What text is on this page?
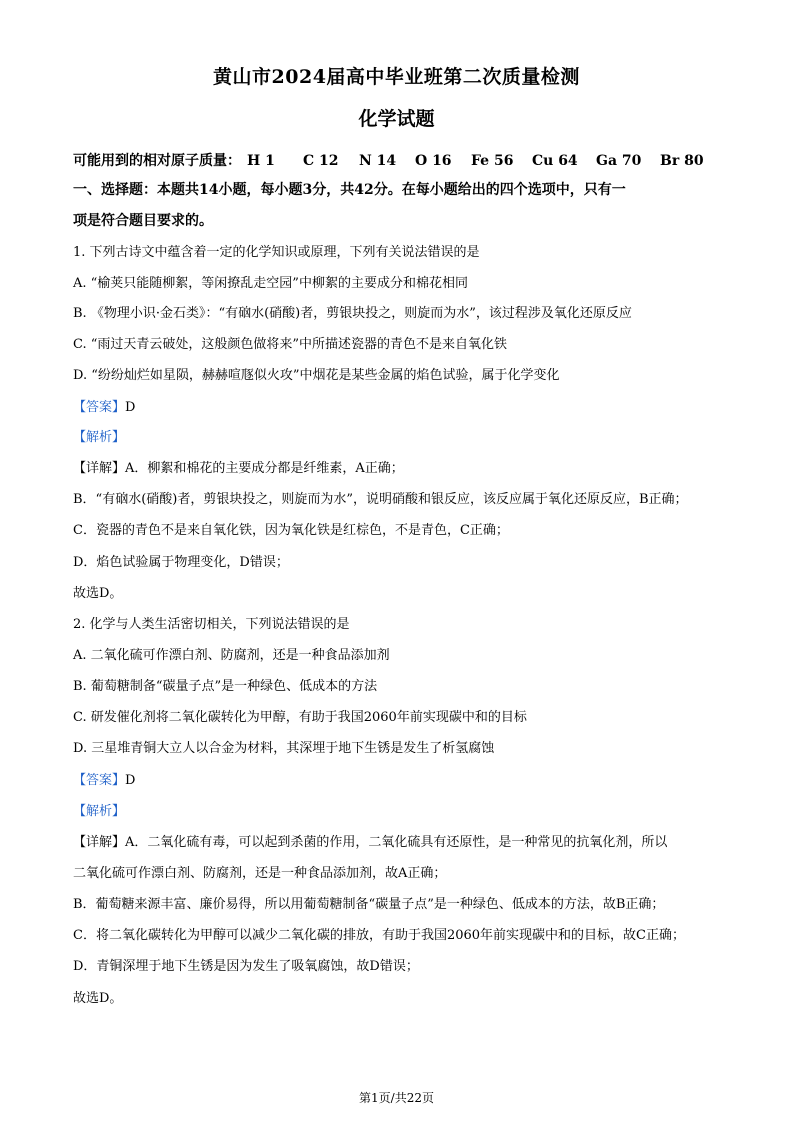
黄山市2024届高中毕业班第二次质量检测
化学试题
可能用到的相对原子质量： H 1 C 12 N 14 O 16 Fe 56 Cu 64 Ga 70 Br 80
一、选择题：本题共14小题，每小题3分，共42分。在每小题给出的四个选项中，只有一
项是符合题目要求的。
1. 下列古诗文中蕴含着一定的化学知识或原理，下列有关说法错误的是
A. “榆荚只能随柳絮，等闲撩乱走空园”中柳絮的主要成分和棉花相同
B. 《物理小识·金石类》：“有硇水(硝酸)者，剪银块投之，则旋而为水”，该过程涉及氧化还原反应
C. “雨过天青云破处，这般颜色做将来”中所描述瓷器的青色不是来自氧化铁
D. “纷纷灿烂如星陨，赫赫喧豗似火攻”中烟花是某些金属的焰色试验，属于化学变化
【答案】D
【解析】
【详解】A．柳絮和棉花的主要成分都是纤维素，A正确；
B．“有硇水(硝酸)者，剪银块投之，则旋而为水”，说明硝酸和银反应，该反应属于氧化还原反应，B正确；
C．瓷器的青色不是来自氧化铁，因为氧化铁是红棕色，不是青色，C正确；
D．焰色试验属于物理变化，D错误；
故选D。
2. 化学与人类生活密切相关，下列说法错误的是
A. 二氧化硫可作漂白剂、防腐剂，还是一种食品添加剂
B. 葡萄糖制备“碳量子点”是一种绿色、低成本的方法
C. 研发催化剂将二氧化碳转化为甲醇，有助于我国2060年前实现碳中和的目标
D. 三星堆青铜大立人以合金为材料，其深埋于地下生锈是发生了析氢腐蚀
【答案】D
【解析】
【详解】A．二氧化硫有毒，可以起到杀菌的作用，二氧化硫具有还原性，是一种常见的抗氧化剂，所以
二氧化硫可作漂白剂、防腐剂，还是一种食品添加剂，故A正确；
B．葡萄糖来源丰富、廉价易得，所以用葡萄糖制备“碳量子点”是一种绿色、低成本的方法，故B正确；
C．将二氧化碳转化为甲醇可以减少二氧化碳的排放，有助于我国2060年前实现碳中和的目标，故C正确；
D．青铜深埋于地下生锈是因为发生了吸氧腐蚀，故D错误；
故选D。
第1页/共22页
